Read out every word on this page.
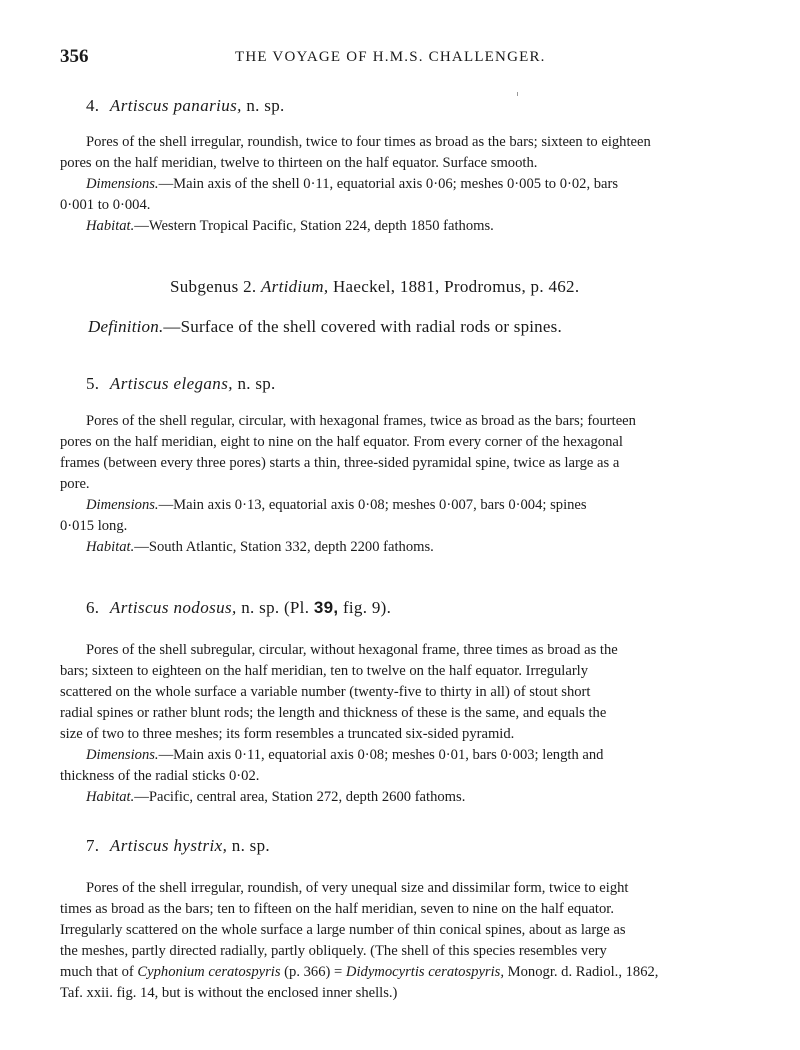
356	THE VOYAGE OF H.M.S. CHALLENGER.
4. Artiscus panarius, n. sp.

Pores of the shell irregular, roundish, twice to four times as broad as the bars; sixteen to eighteen

pores on the half meridian, twelve to thirteen on the half equator. Surface smooth.

Dimensions.—Main axis of the shell 0·11, equatorial axis 0·06; meshes 0·005 to 0·02, bars

0·001 to 0·004.

Habitat.—Western Tropical Pacific, Station 224, depth 1850 fathoms.

Subgenus 2. Artidium, Haeckel, 1881, Prodromus, p. 462.
Definition.—Surface of the shell covered with radial rods or spines.
5. Artiscus elegans, n. sp.

Pores of the shell regular, circular, with hexagonal frames, twice as broad as the bars; fourteen

pores on the half meridian, eight to nine on the half equator. From every corner of the hexagonal

frames (between every three pores) starts a thin, three-sided pyramidal spine, twice as large as a

pore.

Dimensions.—Main axis 0·13, equatorial axis 0·08; meshes 0·007, bars 0·004; spines

0·015 long.

Habitat.—South Atlantic, Station 332, depth 2200 fathoms.

6. Artiscus nodosus, n. sp. (Pl. 39, fig. 9).

Pores of the shell subregular, circular, without hexagonal frame, three times as broad as the

bars; sixteen to eighteen on the half meridian, ten to twelve on the half equator. Irregularly

scattered on the whole surface a variable number (twenty-five to thirty in all) of stout short

radial spines or rather blunt rods; the length and thickness of these is the same, and equals the

size of two to three meshes; its form resembles a truncated six-sided pyramid.

Dimensions.—Main axis 0·11, equatorial axis 0·08; meshes 0·01, bars 0·003; length and

thickness of the radial sticks 0·02.

Habitat.—Pacific, central area, Station 272, depth 2600 fathoms.

7. Artiscus hystrix, n. sp.

Pores of the shell irregular, roundish, of very unequal size and dissimilar form, twice to eight

times as broad as the bars; ten to fifteen on the half meridian, seven to nine on the half equator.

Irregularly scattered on the whole surface a large number of thin conical spines, about as large as

the meshes, partly directed radially, partly obliquely. (The shell of this species resembles very

much that of Cyphonium ceratospyris (p. 366) = Didymocyrtis ceratospyris, Monogr. d. Radiol., 1862,

Taf. xxii. fig. 14, but is without the enclosed inner shells.)
